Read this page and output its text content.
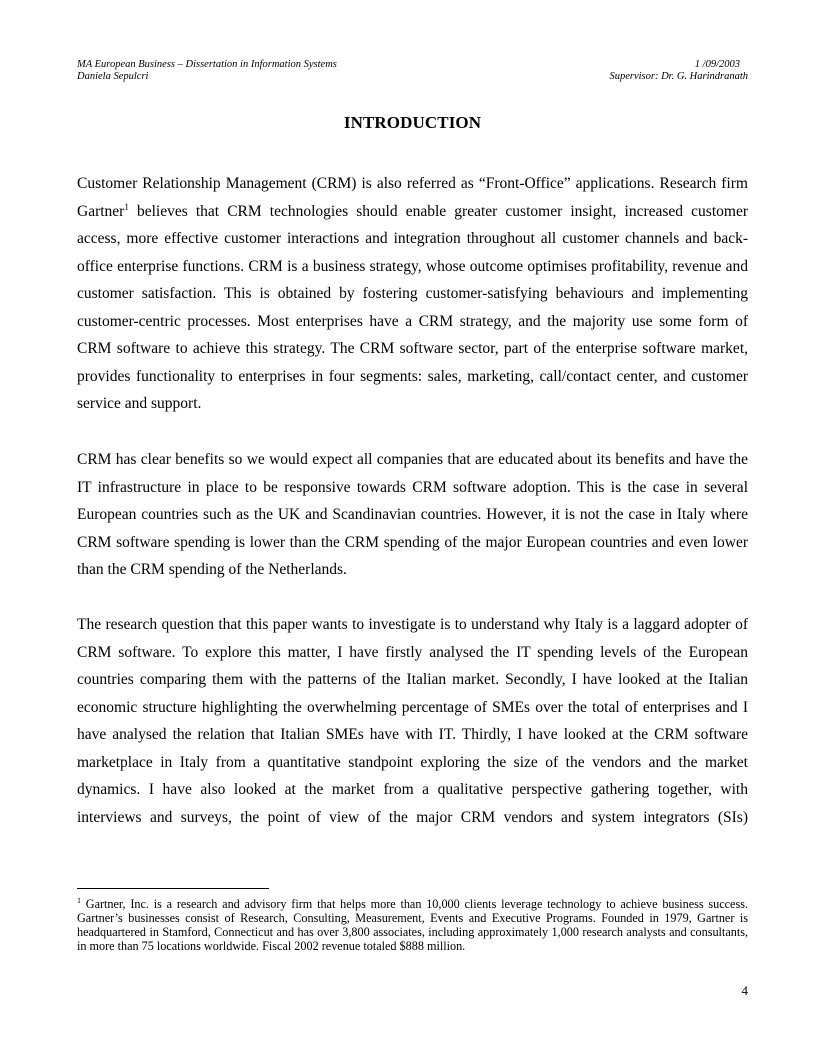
MA European Business – Dissertation in Information Systems	1 /09/2003
Daniela Sepulcri	Supervisor: Dr. G. Harindranath
INTRODUCTION

Customer Relationship Management (CRM) is also referred as “Front-Office” applications. Research firm Gartner$^1$ believes that CRM technologies should enable greater customer insight, increased customer access, more effective customer interactions and integration throughout all customer channels and back-office enterprise functions. CRM is a business strategy, whose outcome optimises profitability, revenue and customer satisfaction. This is obtained by fostering customer-satisfying behaviours and implementing customer-centric processes. Most enterprises have a CRM strategy, and the majority use some form of CRM software to achieve this strategy. The CRM software sector, part of the enterprise software market, provides functionality to enterprises in four segments: sales, marketing, call/contact center, and customer service and support.

CRM has clear benefits so we would expect all companies that are educated about its benefits and have the IT infrastructure in place to be responsive towards CRM software adoption. This is the case in several European countries such as the UK and Scandinavian countries. However, it is not the case in Italy where CRM software spending is lower than the CRM spending of the major European countries and even lower than the CRM spending of the Netherlands.

The research question that this paper wants to investigate is to understand why Italy is a laggard adopter of CRM software. To explore this matter, I have firstly analysed the IT spending levels of the European countries comparing them with the patterns of the Italian market. Secondly, I have looked at the Italian economic structure highlighting the overwhelming percentage of SMEs over the total of enterprises and I have analysed the relation that Italian SMEs have with IT. Thirdly, I have looked at the CRM software marketplace in Italy from a quantitative standpoint exploring the size of the vendors and the market dynamics. I have also looked at the market from a qualitative perspective gathering together, with interviews and surveys, the point of view of the major CRM vendors and system integrators (SIs)

$^1$ Gartner, Inc. is a research and advisory firm that helps more than 10,000 clients leverage technology to achieve business success. Gartner’s businesses consist of Research, Consulting, Measurement, Events and Executive Programs. Founded in 1979, Gartner is headquartered in Stamford, Connecticut and has over 3,800 associates, including approximately 1,000 research analysts and consultants, in more than 75 locations worldwide. Fiscal 2002 revenue totaled $888 million.

4
